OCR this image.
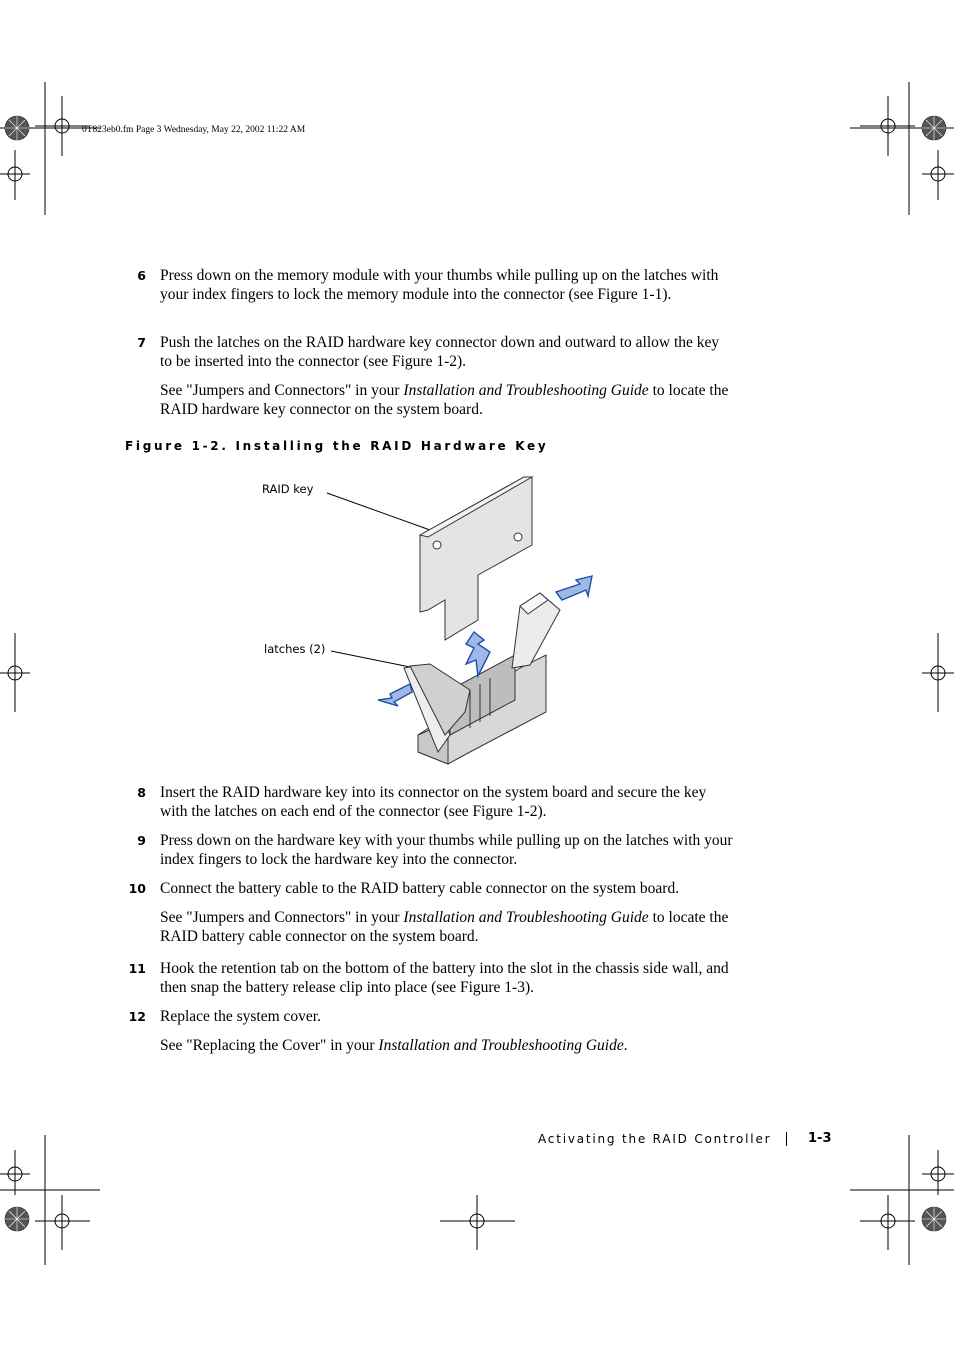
0T823eb0.fm Page 3 Wednesday, May 22, 2002 11:22 AM
6 Press down on the memory module with your thumbs while pulling up on the latches with your index fingers to lock the memory module into the connector (see Figure 1-1).
7 Push the latches on the RAID hardware key connector down and outward to allow the key to be inserted into the connector (see Figure 1-2).
See "Jumpers and Connectors" in your Installation and Troubleshooting Guide to locate the RAID hardware key connector on the system board.
Figure 1-2. Installing the RAID Hardware Key
RAID key
latches (2)
8 Insert the RAID hardware key into its connector on the system board and secure the key with the latches on each end of the connector (see Figure 1-2).
9 Press down on the hardware key with your thumbs while pulling up on the latches with your index fingers to lock the hardware key into the connector.
10 Connect the battery cable to the RAID battery cable connector on the system board.
See "Jumpers and Connectors" in your Installation and Troubleshooting Guide to locate the RAID battery cable connector on the system board.
11 Hook the retention tab on the bottom of the battery into the slot in the chassis side wall, and then snap the battery release clip into place (see Figure 1-3).
12 Replace the system cover.
See "Replacing the Cover" in your Installation and Troubleshooting Guide.
Activating the RAID Controller	1-3
